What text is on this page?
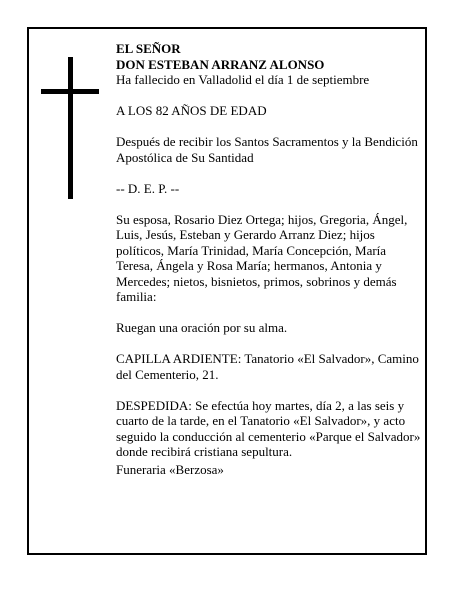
EL SEÑOR

DON ESTEBAN ARRANZ ALONSO

Ha fallecido en Valladolid el día 1 de septiembre

A LOS 82 AÑOS DE EDAD

Después de recibir los Santos Sacramentos y la Bendición Apostólica de Su Santidad

-- D. E. P. --

Su esposa, Rosario Diez Ortega; hijos, Gregoria, Ángel, Luis, Jesús, Esteban y Gerardo Arranz Diez; hijos políticos, María Trinidad, María Concepción, María Teresa, Ángela y Rosa María; hermanos, Antonia y Mercedes; nietos, bisnietos, primos, sobrinos y demás familia:

Ruegan una oración por su alma.

CAPILLA ARDIENTE: Tanatorio «El Salvador», Camino del Cementerio, 21.

DESPEDIDA: Se efectúa hoy martes, día 2, a las seis y cuarto de la tarde, en el Tanatorio «El Salvador», y acto seguido la conducción al cementerio «Parque el Salvador» donde recibirá cristiana sepultura.

Funeraria «Berzosa»
